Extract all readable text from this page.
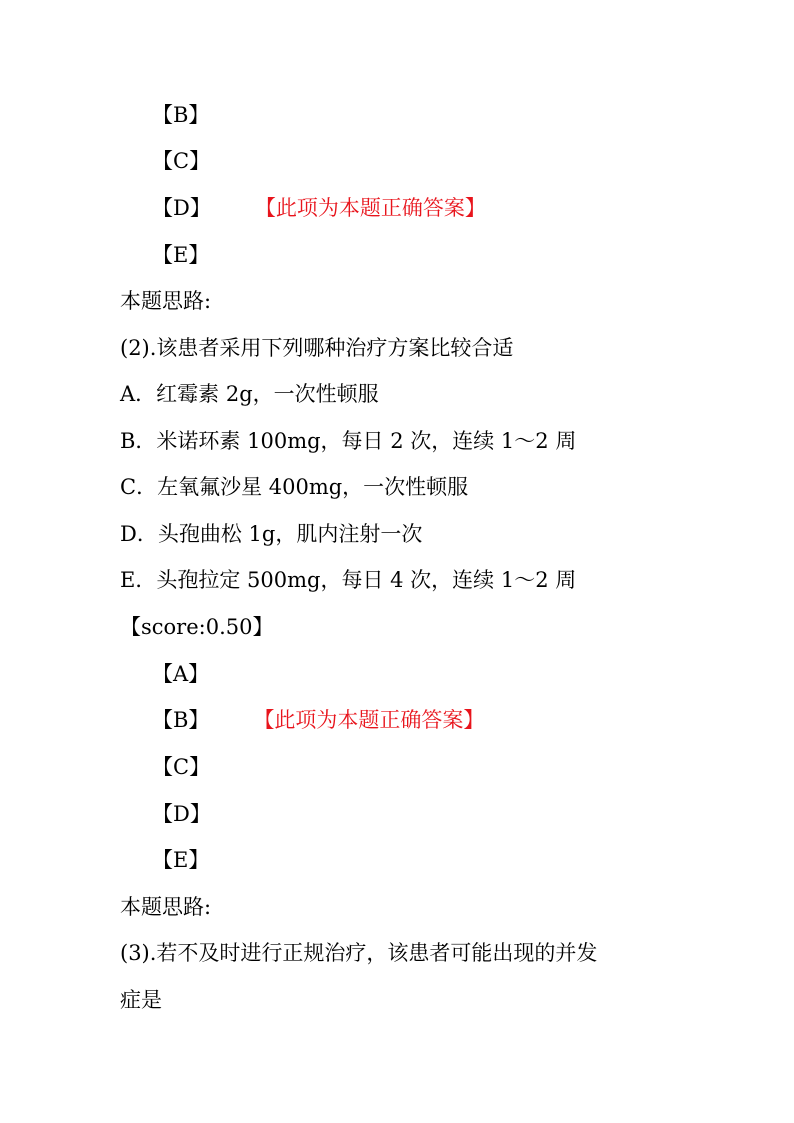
【B】
【C】
【D】 【此项为本题正确答案】
【E】
本题思路:
(2).该患者采用下列哪种治疗方案比较合适
A．红霉素 2g，一次性顿服
B．米诺环素 100mg，每日 2 次，连续 1～2 周
C．左氧氟沙星 400mg，一次性顿服
D．头孢曲松 1g，肌内注射一次
E．头孢拉定 500mg，每日 4 次，连续 1～2 周
【score:0.50】
【A】
【B】 【此项为本题正确答案】
【C】
【D】
【E】
本题思路:
(3).若不及时进行正规治疗，该患者可能出现的并发
症是
